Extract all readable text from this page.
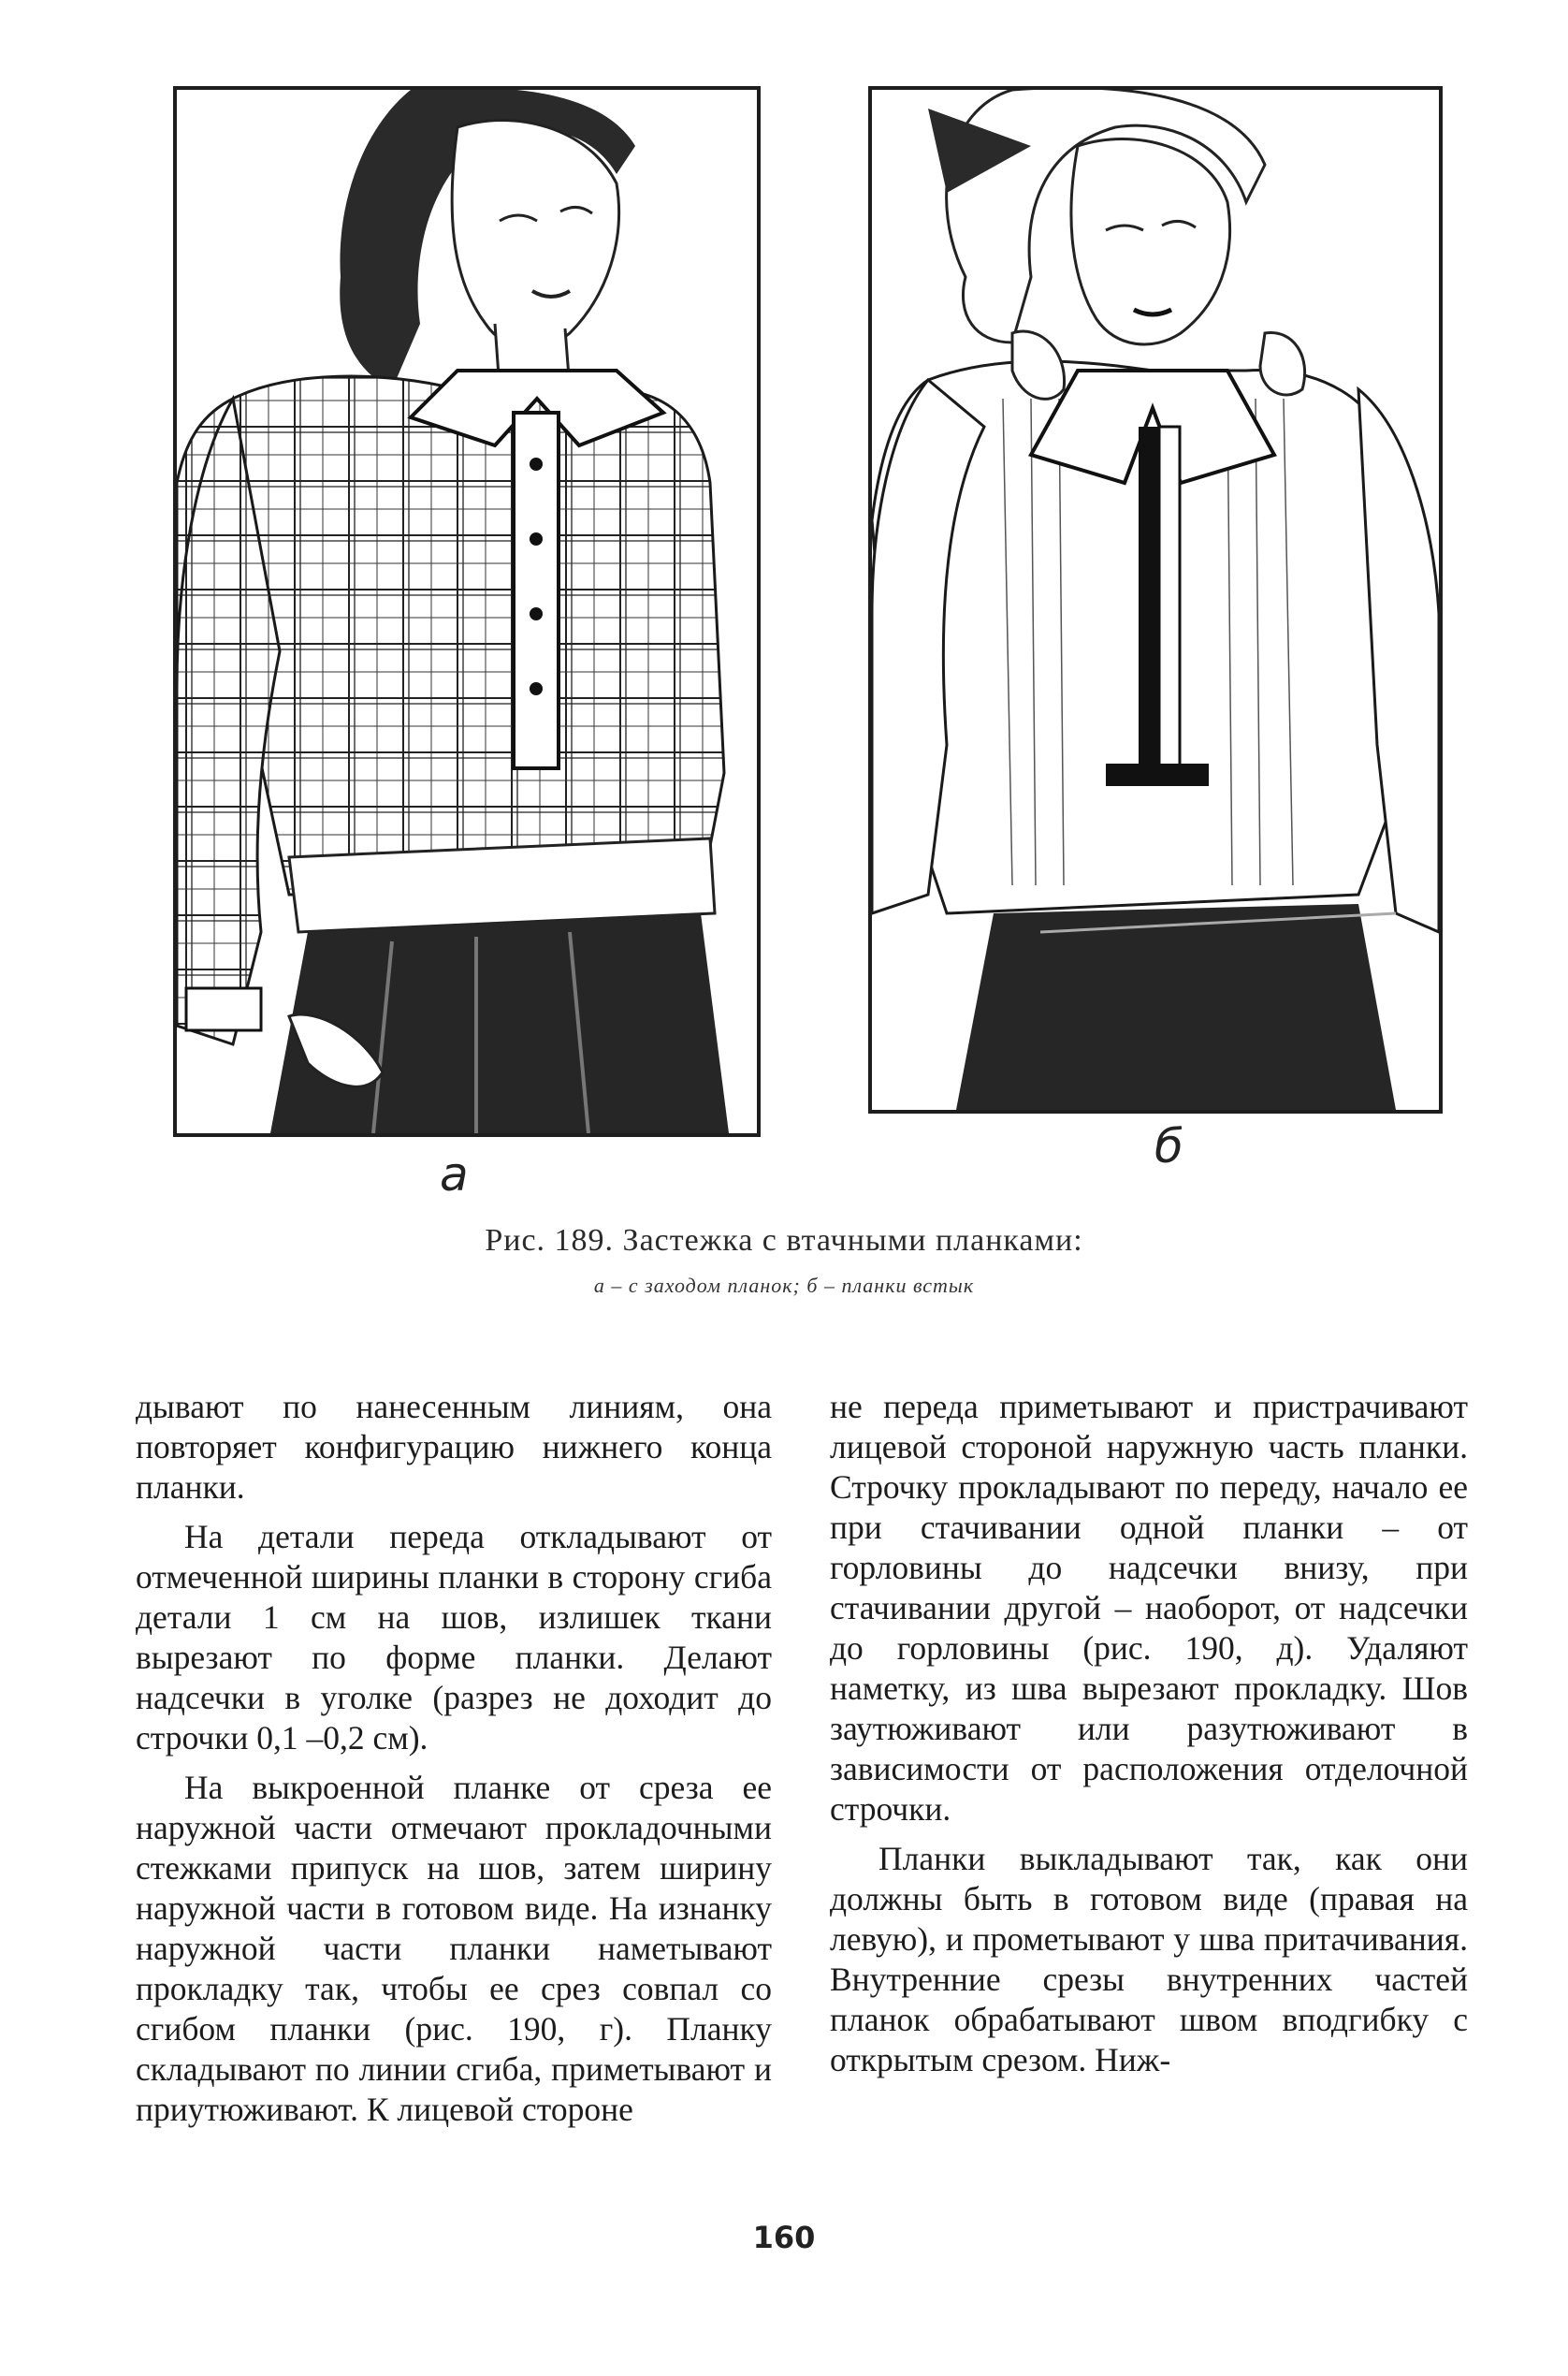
а
б
Рис. 189. Застежка с втачными планками:
а – с заходом планок; б – планки встык

дывают по нанесенным линиям, она повторяет конфигурацию нижнего конца планки.

На детали переда откладывают от отмеченной ширины планки в сторону сгиба детали 1 см на шов, излишек ткани вырезают по форме планки. Делают надсечки в уголке (разрез не доходит до строчки 0,1 –0,2 см).

На выкроенной планке от среза ее наружной части отмечают прокладочными стежками припуск на шов, затем ширину наружной части в готовом виде. На изнанку наружной части планки наметывают прокладку так, чтобы ее срез совпал со сгибом планки (рис. 190, г). Планку складывают по линии сгиба, приметывают и приутюживают. К лицевой стороне

не переда приметывают и пристрачивают лицевой стороной наружную часть планки. Строчку прокладывают по переду, начало ее при стачивании одной планки – от горловины до надсечки внизу, при стачивании другой – наоборот, от надсечки до горловины (рис. 190, д). Удаляют наметку, из шва вырезают прокладку. Шов заутюживают или разутюживают в зависимости от расположения отделочной строчки.

Планки выкладывают так, как они должны быть в готовом виде (правая на левую), и прометывают у шва притачивания. Внутренние срезы внутренних частей планок обрабатывают швом вподгибку с открытым срезом. Ниж-

160
